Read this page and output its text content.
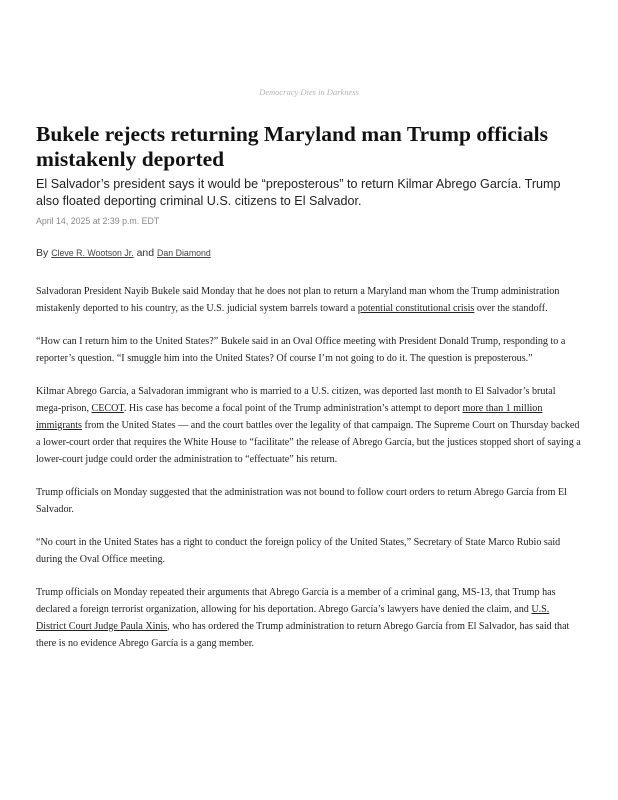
Democracy Dies in Darkness
Bukele rejects returning Maryland man Trump officials mistakenly deported

El Salvador’s president says it would be “preposterous” to return Kilmar Abrego García. Trump also floated deporting criminal U.S. citizens to El Salvador.

April 14, 2025 at 2:39 p.m. EDT

By Cleve R. Wootson Jr. and Dan Diamond

Salvadoran President Nayib Bukele said Monday that he does not plan to return a Maryland man whom the Trump administration mistakenly deported to his country, as the U.S. judicial system barrels toward a potential constitutional crisis over the standoff.

“How can I return him to the United States?” Bukele said in an Oval Office meeting with President Donald Trump, responding to a reporter’s question. “I smuggle him into the United States? Of course I’m not going to do it. The question is preposterous.”

Kilmar Abrego García, a Salvadoran immigrant who is married to a U.S. citizen, was deported last month to El Salvador’s brutal mega-prison, CECOT. His case has become a focal point of the Trump administration’s attempt to deport more than 1 million immigrants from the United States — and the court battles over the legality of that campaign. The Supreme Court on Thursday backed a lower-court order that requires the White House to “facilitate” the release of Abrego García, but the justices stopped short of saying a lower-court judge could order the administration to “effectuate” his return.

Trump officials on Monday suggested that the administration was not bound to follow court orders to return Abrego García from El Salvador.

“No court in the United States has a right to conduct the foreign policy of the United States,” Secretary of State Marco Rubio said during the Oval Office meeting.

Trump officials on Monday repeated their arguments that Abrego García is a member of a criminal gang, MS-13, that Trump has declared a foreign terrorist organization, allowing for his deportation. Abrego García’s lawyers have denied the claim, and U.S. District Court Judge Paula Xinis, who has ordered the Trump administration to return Abrego García from El Salvador, has said that there is no evidence Abrego García is a gang member.
